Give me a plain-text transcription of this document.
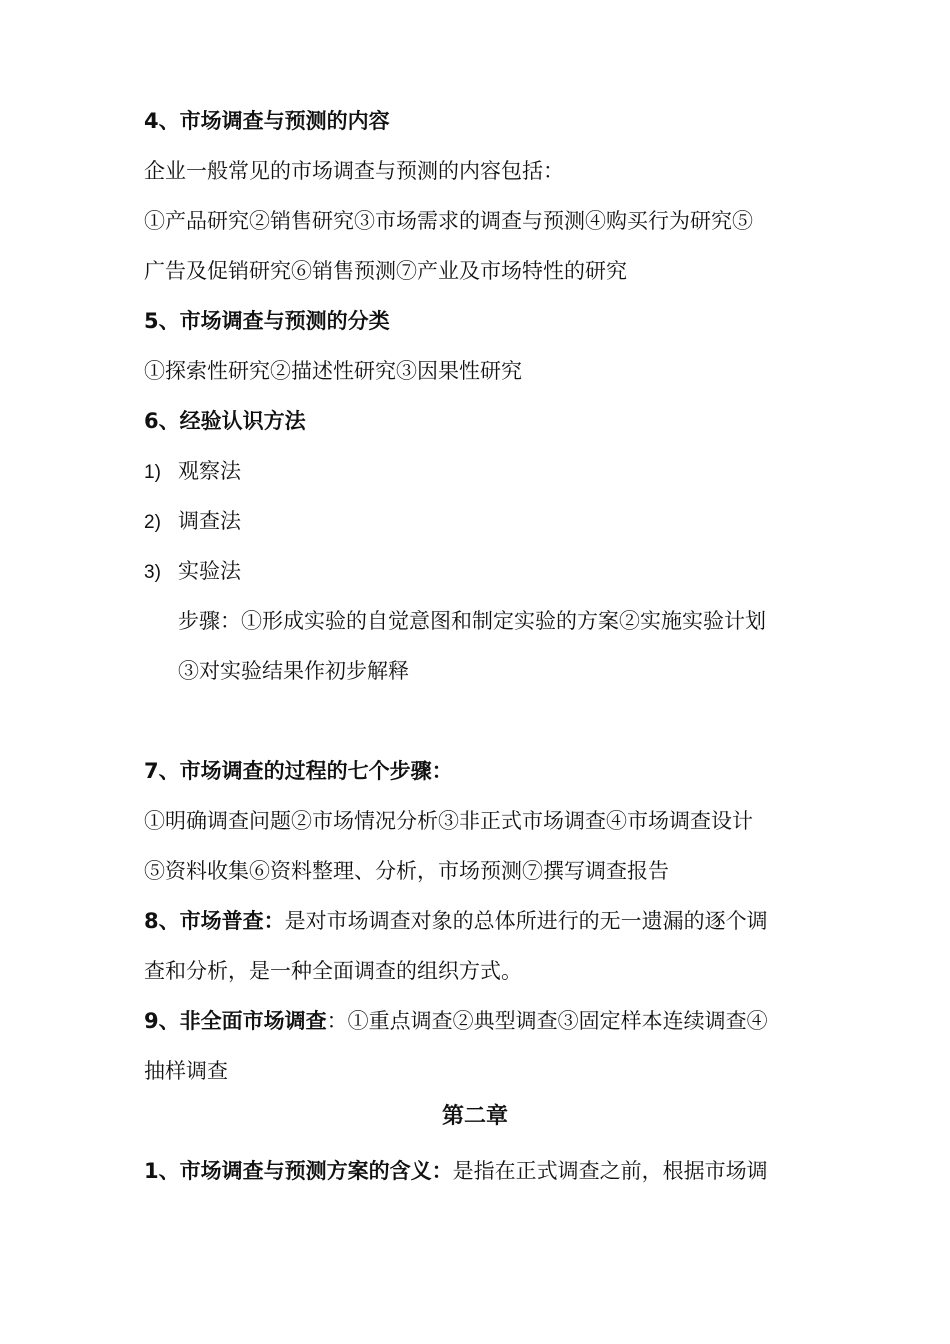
4、市场调查与预测的内容
企业一般常见的市场调查与预测的内容包括：
①产品研究②销售研究③市场需求的调查与预测④购买行为研究⑤
广告及促销研究⑥销售预测⑦产业及市场特性的研究
5、市场调查与预测的分类
①探索性研究②描述性研究③因果性研究
6、经验认识方法
1) 观察法
2) 调查法
3) 实验法
步骤：①形成实验的自觉意图和制定实验的方案②实施实验计划
③对实验结果作初步解释
7、市场调查的过程的七个步骤：
①明确调查问题②市场情况分析③非正式市场调查④市场调查设计
⑤资料收集⑥资料整理、分析，市场预测⑦撰写调查报告
8、市场普查：是对市场调查对象的总体所进行的无一遗漏的逐个调
查和分析，是一种全面调查的组织方式。
9、非全面市场调查：①重点调查②典型调查③固定样本连续调查④
抽样调查
第二章
1、市场调查与预测方案的含义：是指在正式调查之前，根据市场调
